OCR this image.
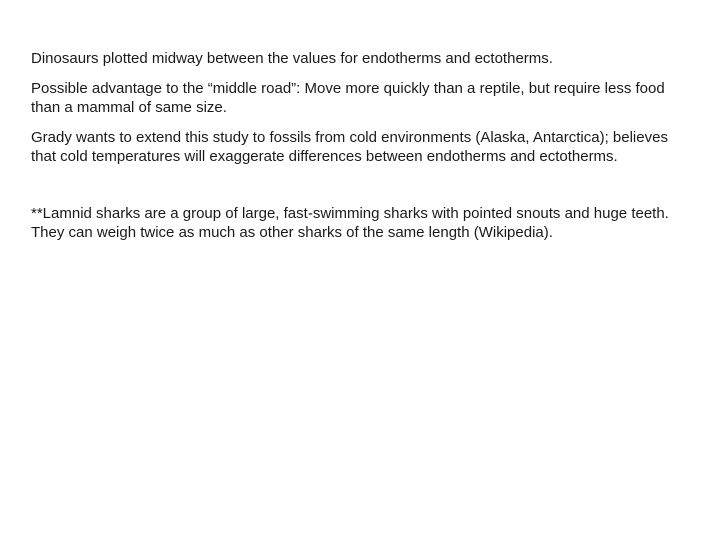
Dinosaurs plotted midway between the values for endotherms and ectotherms.

Possible advantage to the “middle road”: Move more quickly than a reptile, but require less food than a mammal of same size.

Grady wants to extend this study to fossils from cold environments (Alaska, Antarctica); believes that cold temperatures will exaggerate differences between endotherms and ectotherms.

**Lamnid sharks are a group of large, fast-swimming sharks with pointed snouts and huge teeth. They can weigh twice as much as other sharks of the same length (Wikipedia).
